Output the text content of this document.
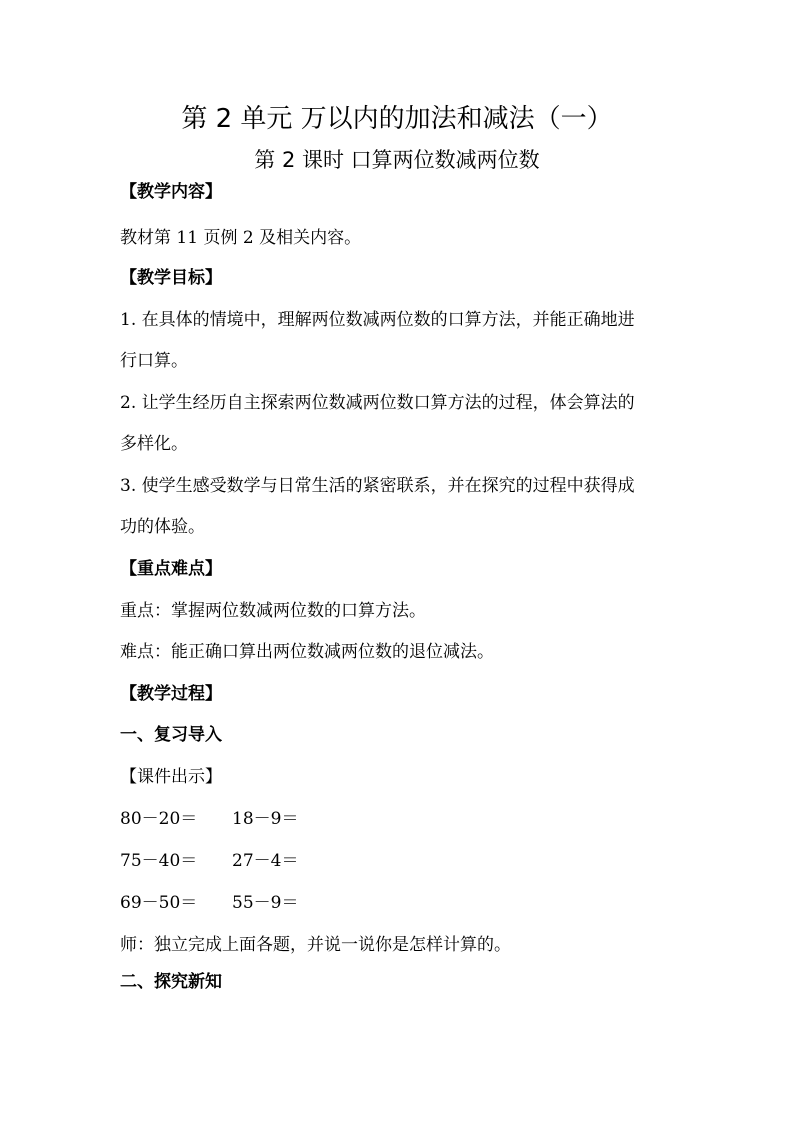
第 2 单元 万以内的加法和减法（一）
第 2 课时 口算两位数减两位数
【教学内容】
教材第 11 页例 2 及相关内容。
【教学目标】
1. 在具体的情境中，理解两位数减两位数的口算方法，并能正确地进
行口算。
2. 让学生经历自主探索两位数减两位数口算方法的过程，体会算法的
多样化。
3. 使学生感受数学与日常生活的紧密联系，并在探究的过程中获得成
功的体验。
【重点难点】
重点：掌握两位数减两位数的口算方法。
难点：能正确口算出两位数减两位数的退位减法。
【教学过程】
一、复习导入
【课件出示】
80－20＝ 18－9＝
75－40＝ 27－4＝
69－50＝ 55－9＝
师：独立完成上面各题，并说一说你是怎样计算的。
二、探究新知
